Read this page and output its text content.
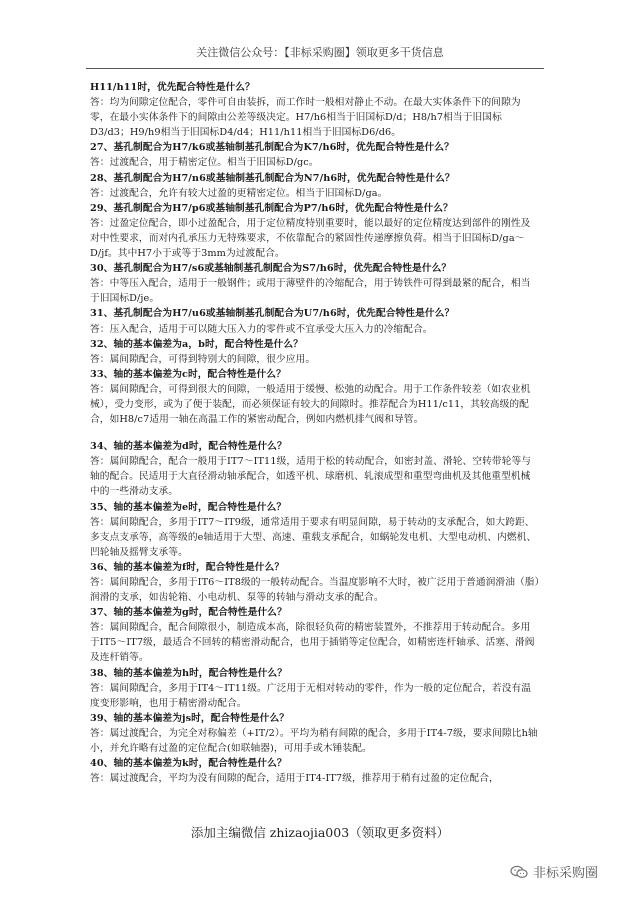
关注微信公众号：【非标采购圈】领取更多干货信息
H11/h11时，优先配合特性是什么？
答：均为间隙定位配合，零件可自由装拆，而工作时一般相对静止不动。在最大实体条件下的间隙为零，在最小实体条件下的间隙由公差等级决定。H7/h6相当于旧国标D/d；H8/h7相当于旧国标D3/d3；H9/h9相当于旧国标D4/d4；H11/h11相当于旧国标D6/d6。
27、基孔制配合为H7/k6或基轴制基孔制配合为K7/h6时，优先配合特性是什么？
答：过渡配合，用于精密定位。相当于旧国标D/gc。
28、基孔制配合为H7/n6或基轴制基孔制配合为N7/h6时，优先配合特性是什么？
答：过渡配合，允许有较大过盈的更精密定位。相当于旧国标D/ga。
29、基孔制配合为H7/p6或基轴制基孔制配合为P7/h6时，优先配合特性是什么？
答：过盈定位配合，即小过盈配合，用于定位精度特别重要时，能以最好的定位精度达到部件的刚性及对中性要求，而对内孔承压力无特殊要求，不依靠配合的紧固性传递摩擦负荷。相当于旧国标D/ga～D/jf。其中H7小于或等于3mm为过渡配合。
30、基孔制配合为H7/s6或基轴制基孔制配合为S7/h6时，优先配合特性是什么？
答：中等压入配合，适用于一般钢件；或用于薄壁件的冷缩配合，用于铸铁件可得到最紧的配合，相当于旧国标D/je。
31、基孔制配合为H7/u6或基轴制基孔制配合为U7/h6时，优先配合特性是什么？
答：压入配合，适用于可以随大压入力的零件或不宜承受大压入力的冷缩配合。
32、轴的基本偏差为a，b时，配合特性是什么？
答：属间隙配合，可得到特别大的间隙，很少应用。
33、轴的基本偏差为c时，配合特性是什么？
答：属间隙配合，可得到很大的间隙，一般适用于缓慢、松弛的动配合。用于工作条件较差（如农业机械），受力变形，或为了便于装配，而必须保证有较大的间隙时。推荐配合为H11/c11，其较高级的配合，如H8/c7适用一轴在高温工作的紧密动配合，例如内燃机排气阀和导管。
34、轴的基本偏差为d时，配合特性是什么？
答：属间隙配合，配合一般用于IT7～IT11级，适用于松的转动配合，如密封盖、滑轮、空转带轮等与轴的配合。民适用于大直径滑动轴承配合，如透平机、球磨机、轧滚成型和重型弯曲机及其他重型机械中的一些滑动支承。
35、轴的基本偏差为e时，配合特性是什么？
答：属间隙配合，多用于IT7～IT9级，通常适用于要求有明显间隙，易于转动的支承配合，如大跨距、多支点支承等，高等级的e轴适用于大型、高速、重载支承配合，如蜗轮发电机、大型电动机、内燃机、凹轮轴及摇臂支承等。
36、轴的基本偏差为f时，配合特性是什么？
答：属间隙配合，多用于IT6～IT8级的一般转动配合。当温度影响不大时，被广泛用于普通润滑油（脂）润滑的支承，如齿轮箱、小电动机、泵等的转轴与滑动支承的配合。
37、轴的基本偏差为g时，配合特性是什么？
答：属间隙配合，配合间隙很小，制造成本高，除很轻负荷的精密装置外，不推荐用于转动配合。多用于IT5～IT7级，最适合不回转的精密滑动配合，也用于插销等定位配合，如精密连杆轴承、活塞、滑阀及连杆销等。
38、轴的基本偏差为h时，配合特性是什么？
答：属间隙配合，多用于IT4～IT11级。广泛用于无相对转动的零件，作为一般的定位配合，若没有温度变形影响，也用于精密滑动配合。
39、轴的基本偏差为js时，配合特性是什么？
答：属过渡配合，为完全对称偏差（+IT/2）。平均为稍有间隙的配合，多用于IT4-7级，要求间隙比h轴小，并允许略有过盈的定位配合(如联轴器)，可用手或木锤装配。
40、轴的基本偏差为k时，配合特性是什么？
答：属过渡配合，平均为没有间隙的配合，适用于IT4-IT7级，推荐用于稍有过盈的定位配合，
添加主编微信 zhizaojia003（领取更多资料）
非标采购圈
